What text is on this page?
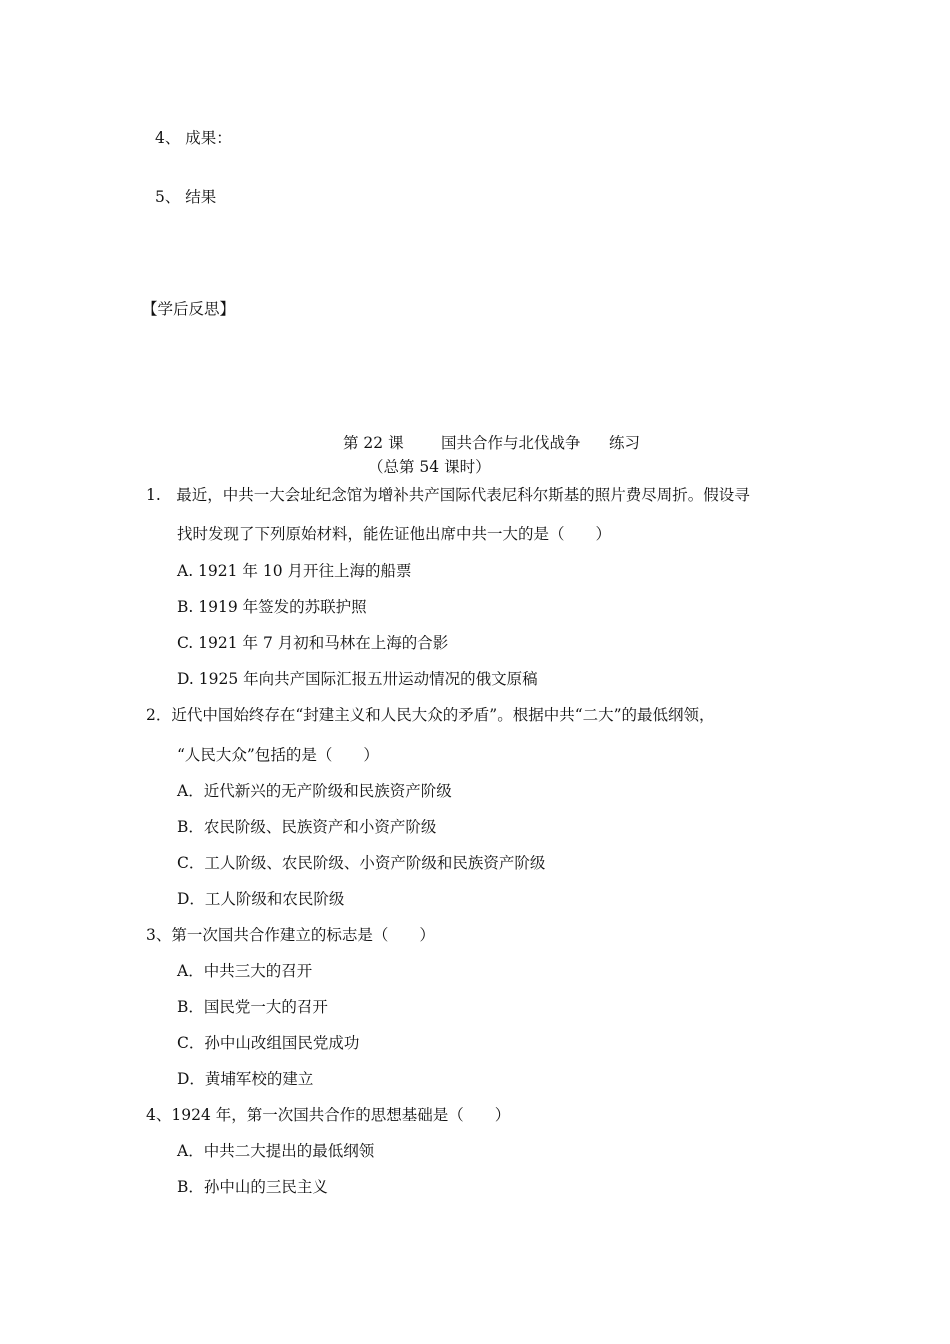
4、 成果：
5、 结果
【学后反思】
第 22 课 国共合作与北伐战争 练习
（总第 54 课时）
1.　最近，中共一大会址纪念馆为增补共产国际代表尼科尔斯基的照片费尽周折。假设寻
找时发现了下列原始材料，能佐证他出席中共一大的是（　　）
A. 1921 年 10 月开往上海的船票
B. 1919 年签发的苏联护照
C. 1921 年 7 月初和马林在上海的合影
D. 1925 年向共产国际汇报五卅运动情况的俄文原稿
2．近代中国始终存在“封建主义和人民大众的矛盾”。根据中共“二大”的最低纲领，
“人民大众”包括的是（　　）
A．近代新兴的无产阶级和民族资产阶级
B．农民阶级、民族资产和小资产阶级
C．工人阶级、农民阶级、小资产阶级和民族资产阶级
D．工人阶级和农民阶级
3、第一次国共合作建立的标志是（　　）
A．中共三大的召开
B．国民党一大的召开
C．孙中山改组国民党成功
D．黄埔军校的建立
4、1924 年，第一次国共合作的思想基础是（　　）
A．中共二大提出的最低纲领
B．孙中山的三民主义
